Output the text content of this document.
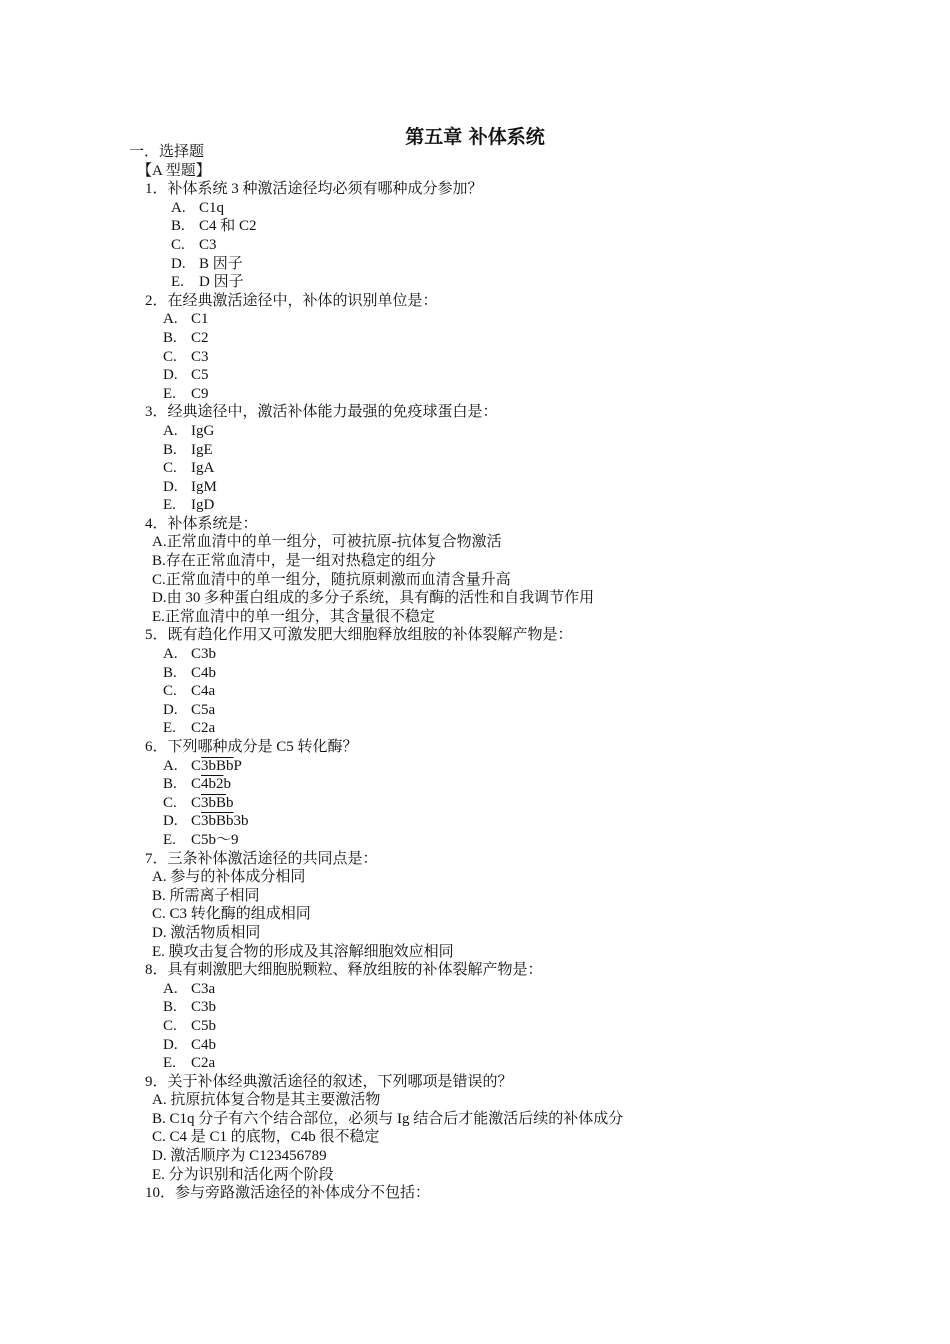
第五章 补体系统
一．选择题
【A 型题】
1．补体系统 3 种激活途径均必须有哪种成分参加？
A. C1q
B. C4 和 C2
C. C3
D. B 因子
E. D 因子
2．在经典激活途径中，补体的识别单位是：
A. C1
B. C2
C. C3
D. C5
E. C9
3．经典途径中，激活补体能力最强的免疫球蛋白是：
A. IgG
B. IgE
C. IgA
D. IgM
E. IgD
4．补体系统是：
A.正常血清中的单一组分，可被抗原-抗体复合物激活
B.存在正常血清中，是一组对热稳定的组分
C.正常血清中的单一组分，随抗原刺激而血清含量升高
D.由 30 多种蛋白组成的多分子系统，具有酶的活性和自我调节作用
E.正常血清中的单一组分，其含量很不稳定
5．既有趋化作用又可激发肥大细胞释放组胺的补体裂解产物是：
A. C3b
B. C4b
C. C4a
D. C5a
E. C2a
6．下列哪种成分是 C5 转化酶？
A. C3bBbP
B. C4b2b
C. C3bBb
D. C3bBb3b
E. C5b～9
7．三条补体激活途径的共同点是：
A. 参与的补体成分相同
B. 所需离子相同
C. C3 转化酶的组成相同
D. 激活物质相同
E. 膜攻击复合物的形成及其溶解细胞效应相同
8．具有刺激肥大细胞脱颗粒、释放组胺的补体裂解产物是：
A. C3a
B. C3b
C. C5b
D. C4b
E. C2a
9．关于补体经典激活途径的叙述，下列哪项是错误的？
A. 抗原抗体复合物是其主要激活物
B. C1q 分子有六个结合部位，必须与 Ig 结合后才能激活后续的补体成分
C. C4 是 C1 的底物，C4b 很不稳定
D. 激活顺序为 C123456789
E. 分为识别和活化两个阶段
10．参与旁路激活途径的补体成分不包括：
